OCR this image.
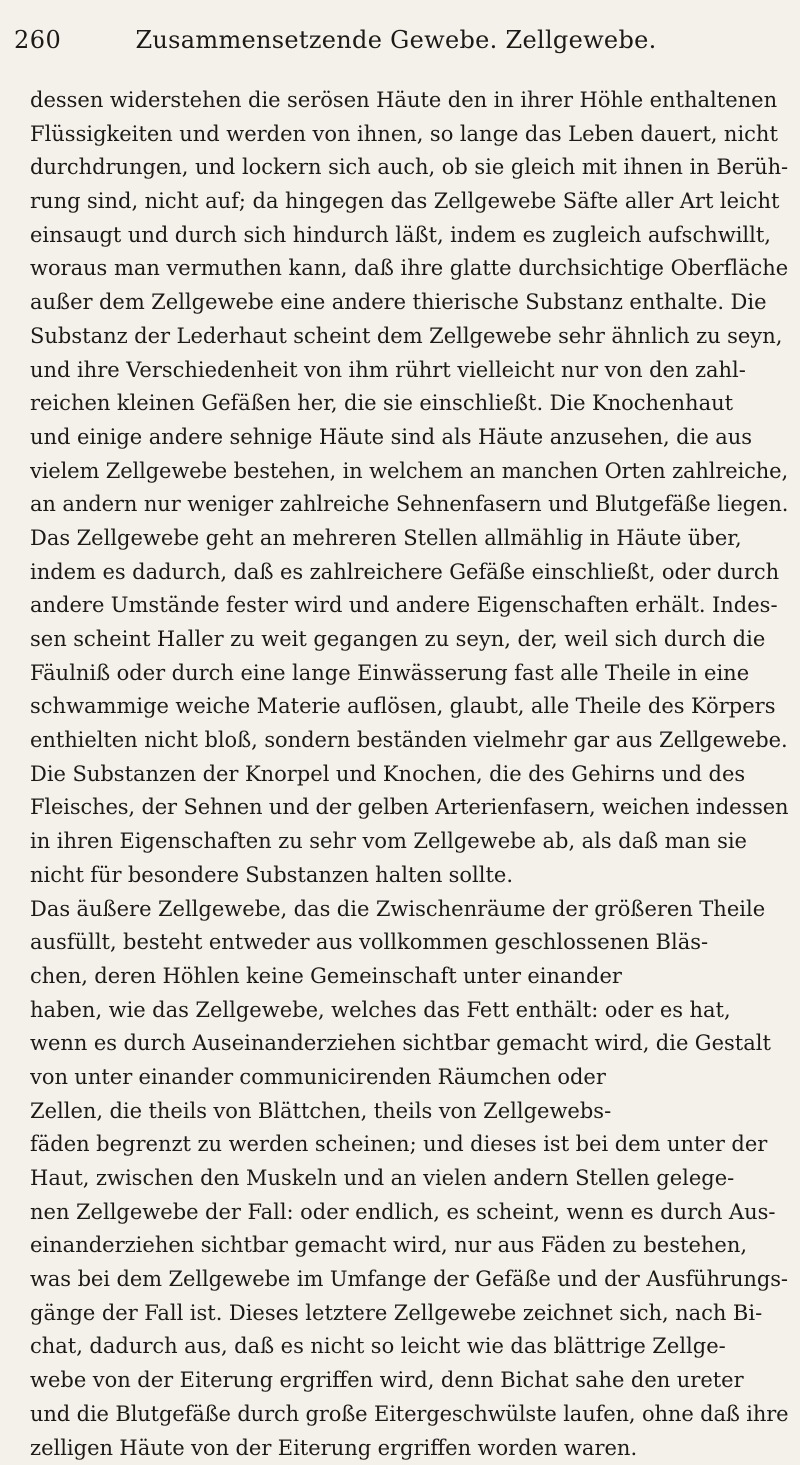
260	Zusammensetzende Gewebe. Zellgewebe.
dessen widerstehen die serösen Häute den in ihrer Höhle enthaltenen
Flüssigkeiten und werden von ihnen, so lange das Leben dauert, nicht
durchdrungen, und lockern sich auch, ob sie gleich mit ihnen in Berüh-
rung sind, nicht auf; da hingegen das Zellgewebe Säfte aller Art leicht
einsaugt und durch sich hindurch läßt, indem es zugleich aufschwillt,
woraus man vermuthen kann, daß ihre glatte durchsichtige Oberfläche
außer dem Zellgewebe eine andere thierische Substanz enthalte. Die
Substanz der Lederhaut scheint dem Zellgewebe sehr ähnlich zu seyn,
und ihre Verschiedenheit von ihm rührt vielleicht nur von den zahl-
reichen kleinen Gefäßen her, die sie einschließt. Die Knochenhaut
und einige andere sehnige Häute sind als Häute anzusehen, die aus
vielem Zellgewebe bestehen, in welchem an manchen Orten zahlreiche,
an andern nur weniger zahlreiche Sehnenfasern und Blutgefäße liegen.
Das Zellgewebe geht an mehreren Stellen allmählig in Häute über,
indem es dadurch, daß es zahlreichere Gefäße einschließt, oder durch
andere Umstände fester wird und andere Eigenschaften erhält. Indes-
sen scheint Haller zu weit gegangen zu seyn, der, weil sich durch die
Fäulniß oder durch eine lange Einwässerung fast alle Theile in eine
schwammige weiche Materie auflösen, glaubt, alle Theile des Körpers
enthielten nicht bloß, sondern beständen vielmehr gar aus Zellgewebe.
Die Substanzen der Knorpel und Knochen, die des Gehirns und des
Fleisches, der Sehnen und der gelben Arterienfasern, weichen indessen
in ihren Eigenschaften zu sehr vom Zellgewebe ab, als daß man sie
nicht für besondere Substanzen halten sollte.
Das äußere Zellgewebe, das die Zwischenräume der größeren Theile
ausfüllt, besteht entweder aus vollkommen geschlossenen Bläs-
chen, deren Höhlen keine Gemeinschaft unter einander
haben, wie das Zellgewebe, welches das Fett enthält: oder es hat,
wenn es durch Auseinanderziehen sichtbar gemacht wird, die Gestalt
von unter einander communicirenden Räumchen oder
Zellen, die theils von Blättchen, theils von Zellgewebs-
fäden begrenzt zu werden scheinen; und dieses ist bei dem unter der
Haut, zwischen den Muskeln und an vielen andern Stellen gelege-
nen Zellgewebe der Fall: oder endlich, es scheint, wenn es durch Aus-
einanderziehen sichtbar gemacht wird, nur aus Fäden zu bestehen,
was bei dem Zellgewebe im Umfange der Gefäße und der Ausführungs-
gänge der Fall ist. Dieses letztere Zellgewebe zeichnet sich, nach Bi-
chat, dadurch aus, daß es nicht so leicht wie das blättrige Zellge-
webe von der Eiterung ergriffen wird, denn Bichat sahe den ureter
und die Blutgefäße durch große Eitergeschwülste laufen, ohne daß ihre
zelligen Häute von der Eiterung ergriffen worden waren.
